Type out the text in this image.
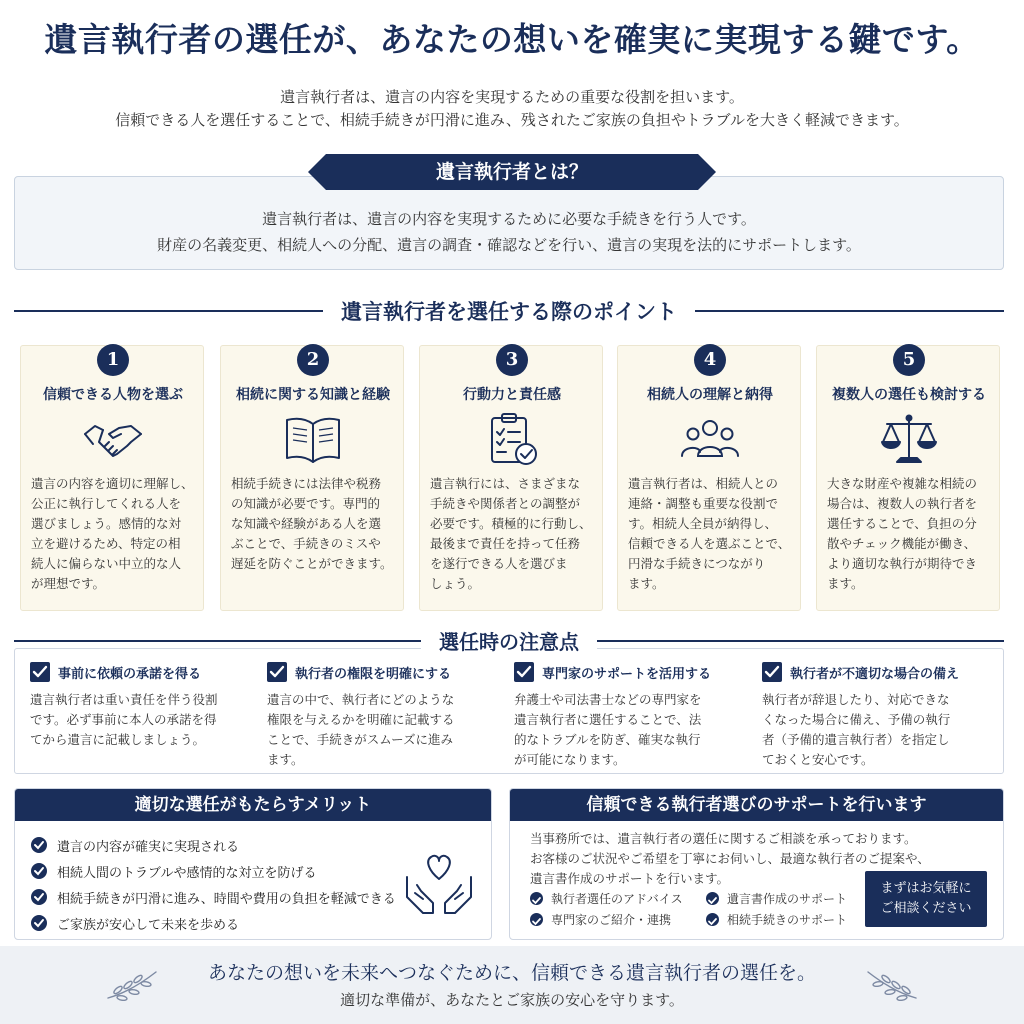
遺言執行者の選任が、あなたの想いを確実に実現する鍵です。
遺言執行者は、遺言の内容を実現するための重要な役割を担います。
信頼できる人を選任することで、相続手続きが円滑に進み、残されたご家族の負担やトラブルを大きく軽減できます。
遺言執行者とは？
遺言執行者は、遺言の内容を実現するために必要な手続きを行う人です。
財産の名義変更、相続人への分配、遺言の調査・確認などを行い、遺言の実現を法的にサポートします。
遺言執行者を選任する際のポイント
1
信頼できる人物を選ぶ
遺言の内容を適切に理解し、
公正に執行してくれる人を
選びましょう。感情的な対
立を避けるため、特定の相
続人に偏らない中立的な人
が理想です。
2
相続に関する知識と経験
相続手続きには法律や税務
の知識が必要です。専門的
な知識や経験がある人を選
ぶことで、手続きのミスや
遅延を防ぐことができます。
3
行動力と責任感
遺言執行には、さまざまな
手続きや関係者との調整が
必要です。積極的に行動し、
最後まで責任を持って任務
を遂行できる人を選びま
しょう。
4
相続人の理解と納得
遺言執行者は、相続人との
連絡・調整も重要な役割で
す。相続人全員が納得し、
信頼できる人を選ぶことで、
円滑な手続きにつながり
ます。
5
複数人の選任も検討する
大きな財産や複雑な相続の
場合は、複数人の執行者を
選任することで、負担の分
散やチェック機能が働き、
より適切な執行が期待でき
ます。
選任時の注意点
事前に依頼の承諾を得る
遺言執行者は重い責任を伴う役割
です。必ず事前に本人の承諾を得
てから遺言に記載しましょう。
執行者の権限を明確にする
遺言の中で、執行者にどのような
権限を与えるかを明確に記載する
ことで、手続きがスムーズに進み
ます。
専門家のサポートを活用する
弁護士や司法書士などの専門家を
遺言執行者に選任することで、法
的なトラブルを防ぎ、確実な執行
が可能になります。
執行者が不適切な場合の備え
執行者が辞退したり、対応できな
くなった場合に備え、予備の執行
者（予備的遺言執行者）を指定し
ておくと安心です。
適切な選任がもたらすメリット
遺言の内容が確実に実現される
相続人間のトラブルや感情的な対立を防げる
相続手続きが円滑に進み、時間や費用の負担を軽減できる
ご家族が安心して未来を歩める
信頼できる執行者選びのサポートを行います
当事務所では、遺言執行者の選任に関するご相談を承っております。
お客様のご状況やご希望を丁寧にお伺いし、最適な執行者のご提案や、
遺言書作成のサポートを行います。
執行者選任のアドバイス	遺言書作成のサポート
専門家のご紹介・連携	相続手続きのサポート
まずはお気軽に
ご相談ください
あなたの想いを未来へつなぐために、信頼できる遺言執行者の選任を。
適切な準備が、あなたとご家族の安心を守ります。
